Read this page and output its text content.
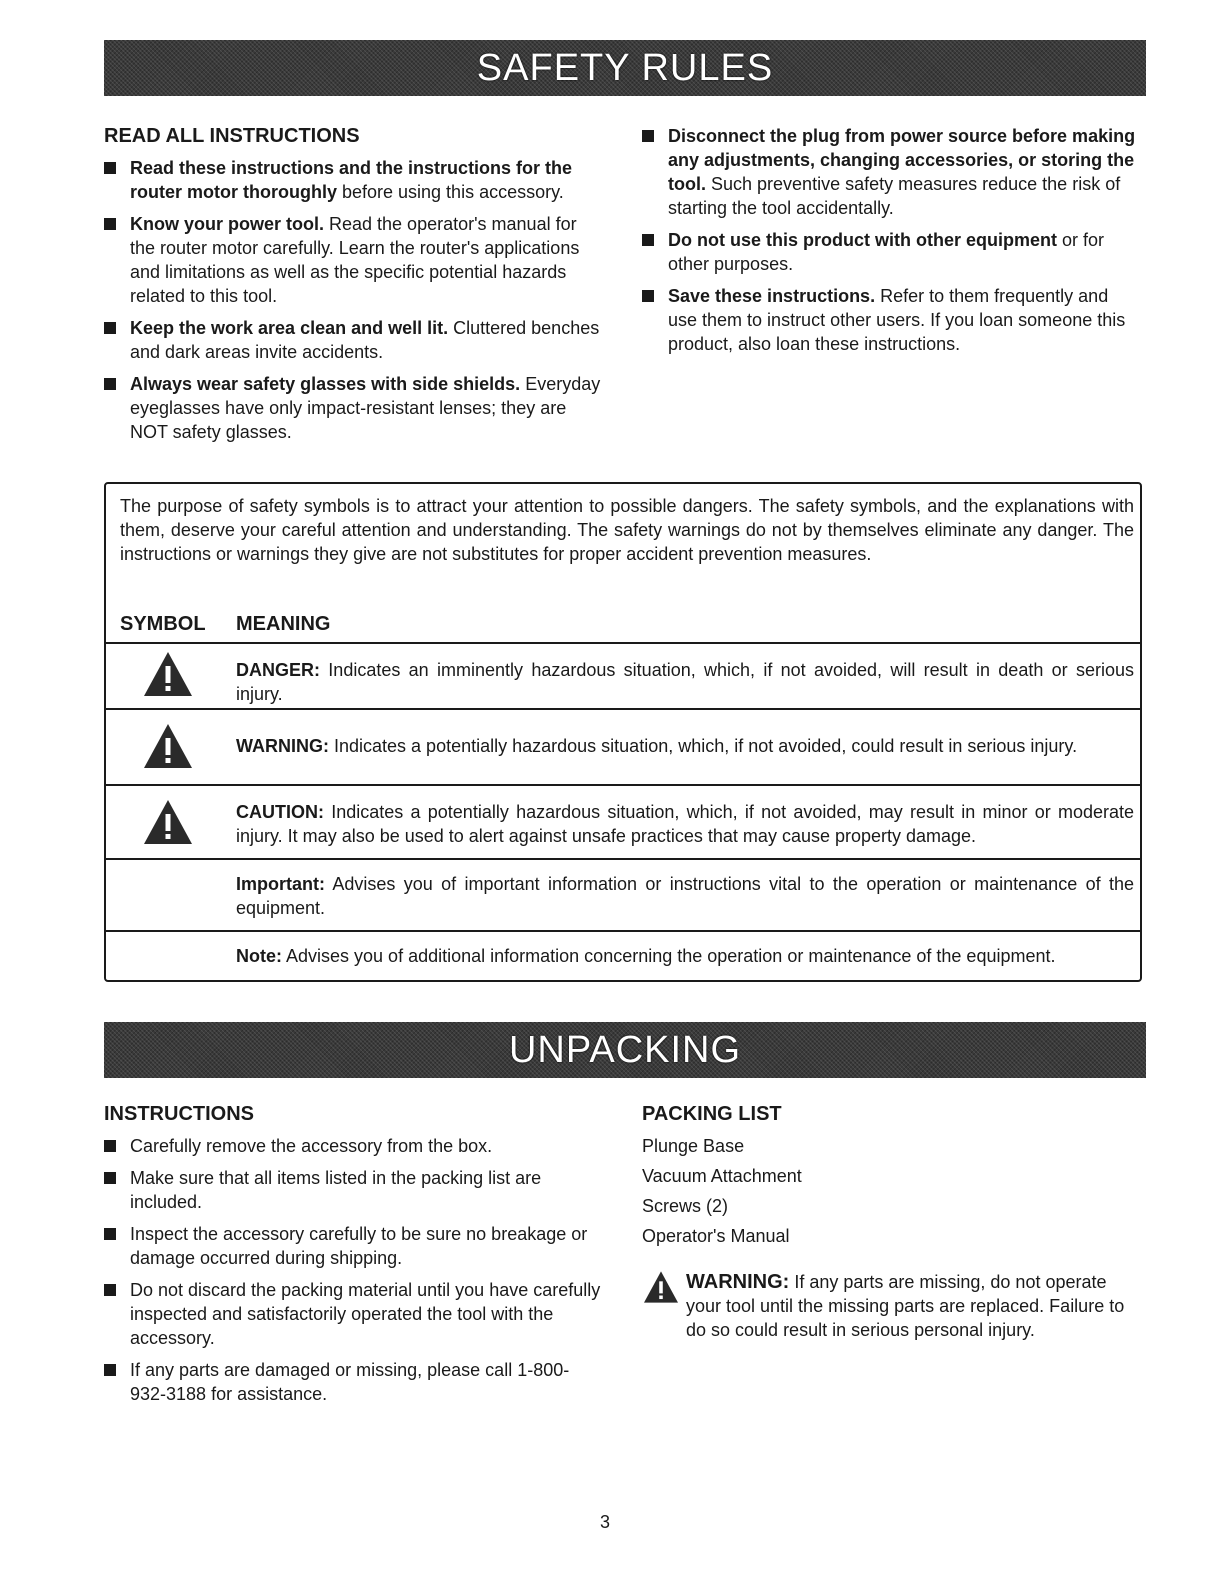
SAFETY RULES
READ ALL INSTRUCTIONS
Read these instructions and the instructions for the router motor thoroughly before using this accessory.
Know your power tool. Read the operator's manual for the router motor carefully. Learn the router's applications and limitations as well as the specific potential hazards related to this tool.
Keep the work area clean and well lit. Cluttered benches and dark areas invite accidents.
Always wear safety glasses with side shields. Everyday eyeglasses have only impact-resistant lenses; they are NOT safety glasses.
Disconnect the plug from power source before making any adjustments, changing accessories, or storing the tool. Such preventive safety measures reduce the risk of starting the tool accidentally.
Do not use this product with other equipment or for other purposes.
Save these instructions. Refer to them frequently and use them to instruct other users. If you loan someone this product, also loan these instructions.
The purpose of safety symbols is to attract your attention to possible dangers. The safety symbols, and the explanations with them, deserve your careful attention and understanding. The safety warnings do not by themselves eliminate any danger. The instructions or warnings they give are not substitutes for proper accident prevention measures.
SYMBOL MEANING
DANGER: Indicates an imminently hazardous situation, which, if not avoided, will result in death or serious injury.
WARNING: Indicates a potentially hazardous situation, which, if not avoided, could result in serious injury.
CAUTION: Indicates a potentially hazardous situation, which, if not avoided, may result in minor or moderate injury. It may also be used to alert against unsafe practices that may cause property damage.
Important: Advises you of important information or instructions vital to the operation or maintenance of the equipment.
Note: Advises you of additional information concerning the operation or maintenance of the equipment.
UNPACKING
INSTRUCTIONS
Carefully remove the accessory from the box.
Make sure that all items listed in the packing list are included.
Inspect the accessory carefully to be sure no breakage or damage occurred during shipping.
Do not discard the packing material until you have carefully inspected and satisfactorily operated the tool with the accessory.
If any parts are damaged or missing, please call 1-800-932-3188 for assistance.
PACKING LIST
Plunge Base
Vacuum Attachment
Screws (2)
Operator's Manual
WARNING: If any parts are missing, do not operate your tool until the missing parts are replaced. Failure to do so could result in serious personal injury.
3
